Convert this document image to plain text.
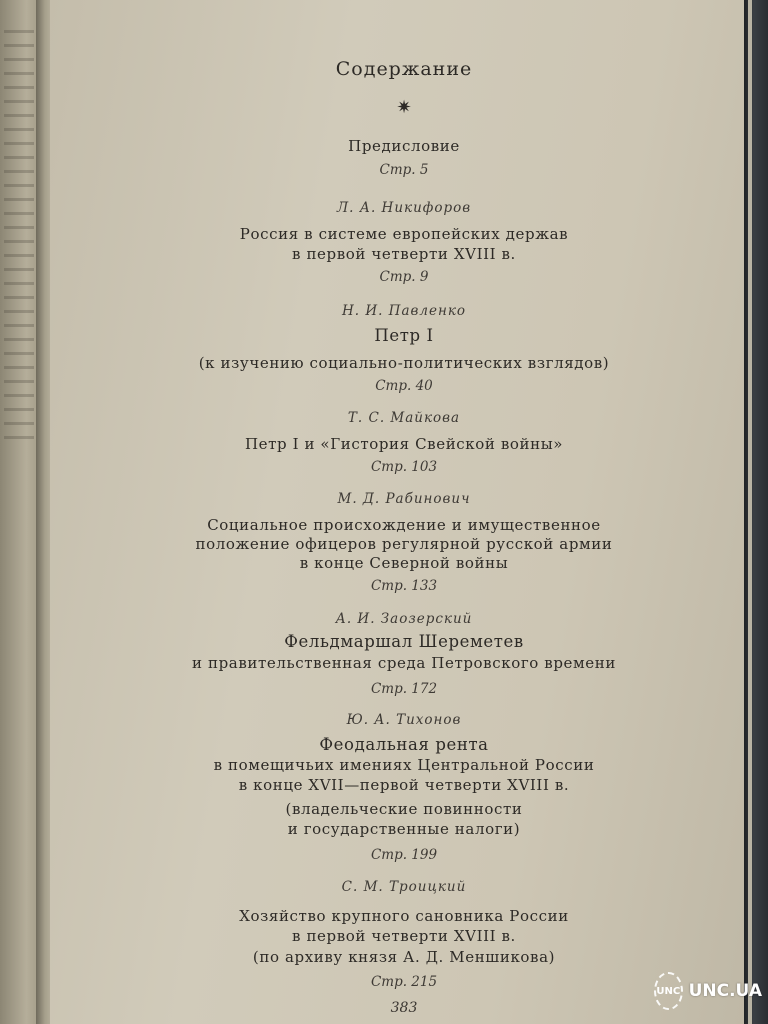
Содержание
✷
Предисловие
Стр. 5
Л. А. Никифоров
Россия в системе европейских держав
в первой четверти XVIII в.
Стр. 9
Н. И. Павленко
Петр I
(к изучению социально-политических взглядов)
Стр. 40
Т. С. Майкова
Петр I и «Гистория Свейской войны»
Стр. 103
М. Д. Рабинович
Социальное происхождение и имущественное
положение офицеров регулярной русской армии
в конце Северной войны
Стр. 133
А. И. Заозерский
Фельдмаршал Шереметев
и правительственная среда Петровского времени
Стр. 172
Ю. А. Тихонов
Феодальная рента
в помещичьих имениях Центральной России
в конце XVII—первой четверти XVIII в.
(владельческие повинности
и государственные налоги)
Стр. 199
С. М. Троицкий
Хозяйство крупного сановника России
в первой четверти XVIII в.
(по архиву князя А. Д. Меншикова)
Стр. 215
383
UNC UNC.UA
